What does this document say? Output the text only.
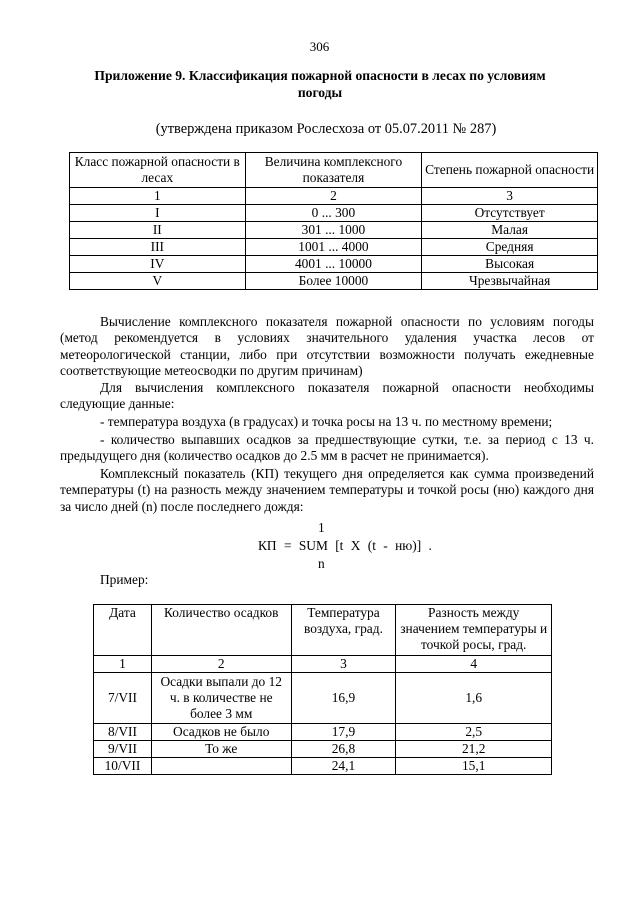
306
Приложение 9. Классификация пожарной опасности в лесах по условиям
погоды
(утверждена приказом Рослесхоза от 05.07.2011 № 287)
Класс пожарной опасности в лесах	Величина комплексного показателя	Степень пожарной опасности
1	2	3
I	0 ... 300	Отсутствует
II	301 ... 1000	Малая
III	1001 ... 4000	Средняя
IV	4001 ... 10000	Высокая
V	Более 10000	Чрезвычайная
Вычисление комплексного показателя пожарной опасности по условиям погоды (метод рекомендуется в условиях значительного удаления участка лесов от метеорологической станции, либо при отсутствии возможности получать ежедневные соответствующие метеосводки по другим причинам)
Для вычисления комплексного показателя пожарной опасности необходимы следующие данные:
- температура воздуха (в градусах) и точка росы на 13 ч. по местному времени;
- количество выпавших осадков за предшествующие сутки, т.е. за период с 13 ч. предыдущего дня (количество осадков до 2.5 мм в расчет не принимается).
Комплексный показатель (КП) текущего дня определяется как сумма произведений температуры (t) на разность между значением температуры и точкой росы (ню) каждого дня за число дней (n) после последнего дождя:
1
КП = SUM [t X (t - ню)] .
n
Пример:
Дата	Количество осадков	Температура воздуха, град.	Разность между значением температуры и точкой росы, град.
1	2	3	4
7/VII	Осадки выпали до 12 ч. в количестве не более 3 мм	16,9	1,6
8/VII	Осадков не было	17,9	2,5
9/VII	То же	26,8	21,2
10/VII		24,1	15,1
